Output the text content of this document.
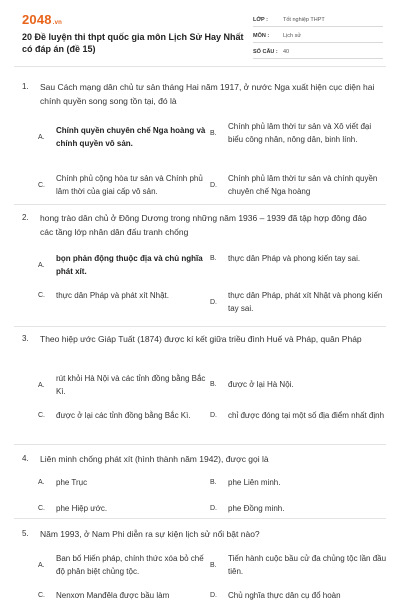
2048.vn
20 Đề luyện thi thpt quốc gia môn Lịch Sử Hay Nhất có đáp án (đề 15)
LỚP :	Tốt nghiệp THPT
MÔN :	Lịch sử
SỐ CÂU : 40
1. Sau Cách mạng dân chủ tư sản tháng Hai năm 1917, ở nước Nga xuất hiện cục diện hai chính quyền song song tồn tại, đó là
A.
Chính quyền chuyên chế Nga hoàng và chính quyền vô sản.
B.
Chính phủ lâm thời tư sản và Xô viết đại biểu công nhân, nông dân, binh lính.
C.
Chính phủ cộng hòa tư sản và Chính phủ lâm thời của giai cấp vô sản.
D.
Chính phủ lâm thời tư sản và chính quyền chuyên chế Nga hoàng
2. hong trào dân chủ ở Đông Dương trong những năm 1936 – 1939 đã tập hợp đông đảo các tầng lớp nhân dân đấu tranh chống
A.
bọn phản động thuộc địa và chủ nghĩa phát xít.
B.	thực dân Pháp và phong kiến tay sai.
C.	thực dân Pháp và phát xít Nhật.
D.
thực dân Pháp, phát xít Nhật và phong kiến tay sai.
3. Theo hiệp ước Giáp Tuất (1874) được kí kết giữa triều đình Huế và Pháp, quân Pháp
A.
rút khỏi Hà Nội và các tỉnh đồng bằng Bắc Kì.
B.	được ở lại Hà Nội.
C.	được ở lại các tỉnh đồng bằng Bắc Kì.	D.	chỉ được đóng tại một số địa điểm nhất định
4. Liên minh chống phát xít (hình thành năm 1942), được gọi là
A.	phe Trục	B.	phe Liên minh.
C.	phe Hiệp ước.	D.	phe Đồng minh.
5. Năm 1993, ở Nam Phi diễn ra sự kiện lịch sử nổi bật nào?
A.
Ban bố Hiến pháp, chính thức xóa bỏ chế độ phân biệt chủng tộc.
B.
Tiến hành cuộc bầu cử đa chủng tộc lần đầu tiên.
C.	Nenxơn Manđêla được bầu làm	D.	Chủ nghĩa thực dân cụ đổ hoàn
